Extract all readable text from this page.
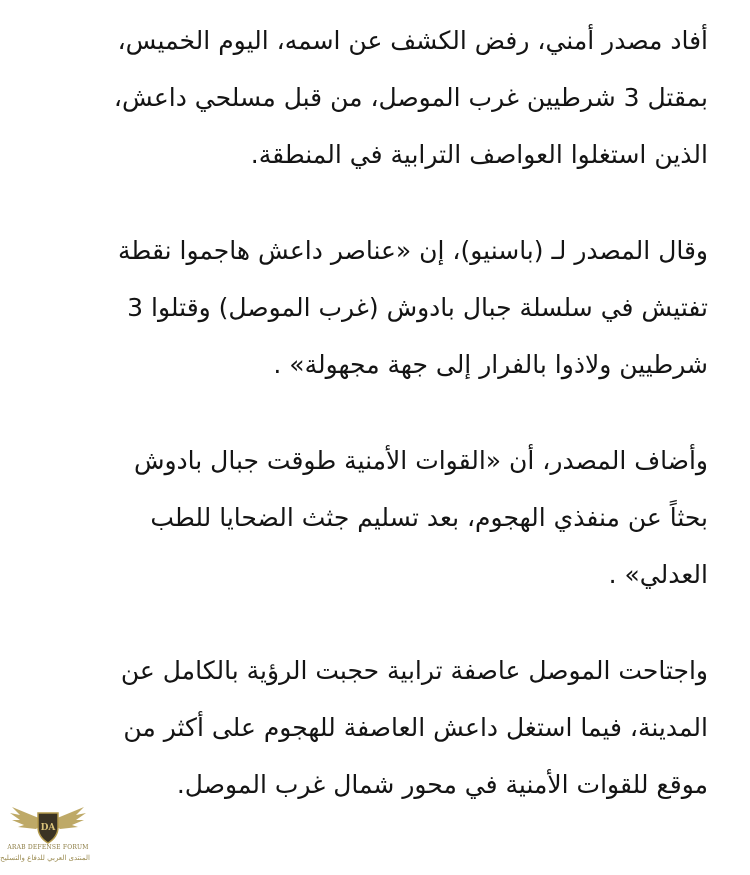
أفاد مصدر أمني، رفض الكشف عن اسمه، اليوم الخميس،
بمقتل 3 شرطيين غرب الموصل، من قبل مسلحي داعش،
الذين استغلوا العواصف الترابية في المنطقة.
وقال المصدر لـ (باسنيو)، إن «عناصر داعش هاجموا نقطة
تفتيش في سلسلة جبال بادوش (غرب الموصل) وقتلوا 3
شرطيين ولاذوا بالفرار إلى جهة مجهولة» .
وأضاف المصدر، أن «القوات الأمنية طوقت جبال بادوش
بحثاً عن منفذي الهجوم، بعد تسليم جثث الضحايا للطب
العدلي» .
واجتاحت الموصل عاصفة ترابية حجبت الرؤية بالكامل عن
المدينة، فيما استغل داعش العاصفة للهجوم على أكثر من
موقع للقوات الأمنية في محور شمال غرب الموصل.
DA
ARAB DEFENSE FORUM
المنتدى العربي للدفاع والتسليح
